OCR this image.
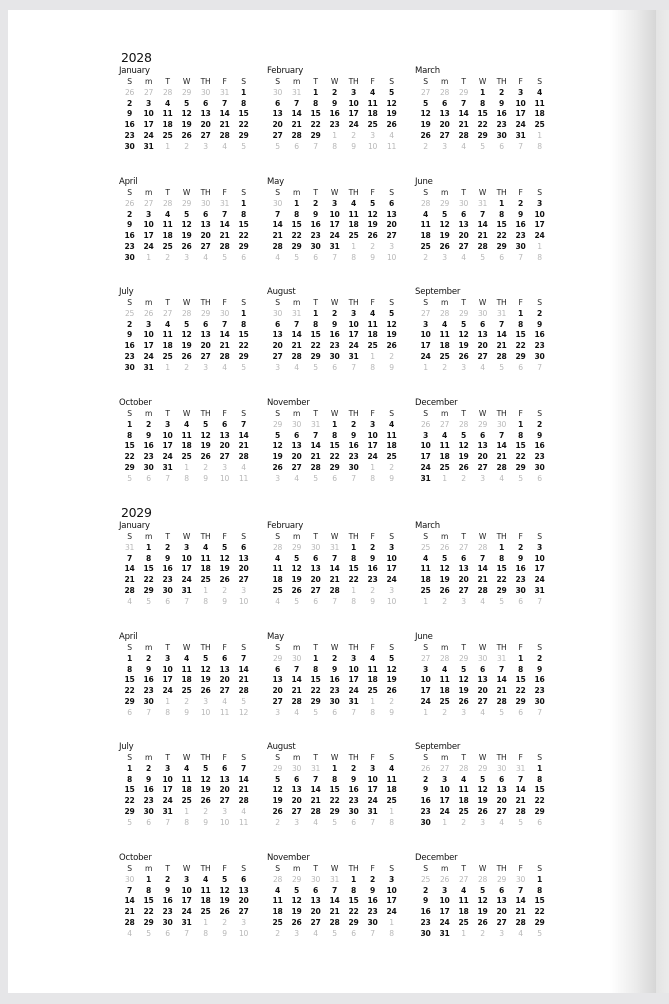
2028
January
S	m	T	W	TH	F	S
26	27	28	29	30	31	1
2	3	4	5	6	7	8
9	10	11	12	13	14	15
16	17	18	19	20	21	22
23	24	25	26	27	28	29
30	31	1	2	3	4	5
February
S	m	T	W	TH	F	S
30	31	1	2	3	4	5
6	7	8	9	10	11	12
13	14	15	16	17	18	19
20	21	22	23	24	25	26
27	28	29	1	2	3	4
5	6	7	8	9	10	11
March
S	m	T	W	TH	F	S
27	28	29	1	2	3	4
5	6	7	8	9	10	11
12	13	14	15	16	17	18
19	20	21	22	23	24	25
26	27	28	29	30	31	1
2	3	4	5	6	7	8
April
S	m	T	W	TH	F	S
26	27	28	29	30	31	1
2	3	4	5	6	7	8
9	10	11	12	13	14	15
16	17	18	19	20	21	22
23	24	25	26	27	28	29
30	1	2	3	4	5	6
May
S	m	T	W	TH	F	S
30	1	2	3	4	5	6
7	8	9	10	11	12	13
14	15	16	17	18	19	20
21	22	23	24	25	26	27
28	29	30	31	1	2	3
4	5	6	7	8	9	10
June
S	m	T	W	TH	F	S
28	29	30	31	1	2	3
4	5	6	7	8	9	10
11	12	13	14	15	16	17
18	19	20	21	22	23	24
25	26	27	28	29	30	1
2	3	4	5	6	7	8
July
S	m	T	W	TH	F	S
25	26	27	28	29	30	1
2	3	4	5	6	7	8
9	10	11	12	13	14	15
16	17	18	19	20	21	22
23	24	25	26	27	28	29
30	31	1	2	3	4	5
August
S	m	T	W	TH	F	S
30	31	1	2	3	4	5
6	7	8	9	10	11	12
13	14	15	16	17	18	19
20	21	22	23	24	25	26
27	28	29	30	31	1	2
3	4	5	6	7	8	9
September
S	m	T	W	TH	F	S
27	28	29	30	31	1	2
3	4	5	6	7	8	9
10	11	12	13	14	15	16
17	18	19	20	21	22	23
24	25	26	27	28	29	30
1	2	3	4	5	6	7
October
S	m	T	W	TH	F	S
1	2	3	4	5	6	7
8	9	10	11	12	13	14
15	16	17	18	19	20	21
22	23	24	25	26	27	28
29	30	31	1	2	3	4
5	6	7	8	9	10	11
November
S	m	T	W	TH	F	S
29	30	31	1	2	3	4
5	6	7	8	9	10	11
12	13	14	15	16	17	18
19	20	21	22	23	24	25
26	27	28	29	30	1	2
3	4	5	6	7	8	9
December
S	m	T	W	TH	F	S
26	27	28	29	30	1	2
3	4	5	6	7	8	9
10	11	12	13	14	15	16
17	18	19	20	21	22	23
24	25	26	27	28	29	30
31	1	2	3	4	5	6
2029
January
S	m	T	W	TH	F	S
31	1	2	3	4	5	6
7	8	9	10	11	12	13
14	15	16	17	18	19	20
21	22	23	24	25	26	27
28	29	30	31	1	2	3
4	5	6	7	8	9	10
February
S	m	T	W	TH	F	S
28	29	30	31	1	2	3
4	5	6	7	8	9	10
11	12	13	14	15	16	17
18	19	20	21	22	23	24
25	26	27	28	1	2	3
4	5	6	7	8	9	10
March
S	m	T	W	TH	F	S
25	26	27	28	1	2	3
4	5	6	7	8	9	10
11	12	13	14	15	16	17
18	19	20	21	22	23	24
25	26	27	28	29	30	31
1	2	3	4	5	6	7
April
S	m	T	W	TH	F	S
1	2	3	4	5	6	7
8	9	10	11	12	13	14
15	16	17	18	19	20	21
22	23	24	25	26	27	28
29	30	1	2	3	4	5
6	7	8	9	10	11	12
May
S	m	T	W	TH	F	S
29	30	1	2	3	4	5
6	7	8	9	10	11	12
13	14	15	16	17	18	19
20	21	22	23	24	25	26
27	28	29	30	31	1	2
3	4	5	6	7	8	9
June
S	m	T	W	TH	F	S
27	28	29	30	31	1	2
3	4	5	6	7	8	9
10	11	12	13	14	15	16
17	18	19	20	21	22	23
24	25	26	27	28	29	30
1	2	3	4	5	6	7
July
S	m	T	W	TH	F	S
1	2	3	4	5	6	7
8	9	10	11	12	13	14
15	16	17	18	19	20	21
22	23	24	25	26	27	28
29	30	31	1	2	3	4
5	6	7	8	9	10	11
August
S	m	T	W	TH	F	S
29	30	31	1	2	3	4
5	6	7	8	9	10	11
12	13	14	15	16	17	18
19	20	21	22	23	24	25
26	27	28	29	30	31	1
2	3	4	5	6	7	8
September
S	m	T	W	TH	F	S
26	27	28	29	30	31	1
2	3	4	5	6	7	8
9	10	11	12	13	14	15
16	17	18	19	20	21	22
23	24	25	26	27	28	29
30	1	2	3	4	5	6
October
S	m	T	W	TH	F	S
30	1	2	3	4	5	6
7	8	9	10	11	12	13
14	15	16	17	18	19	20
21	22	23	24	25	26	27
28	29	30	31	1	2	3
4	5	6	7	8	9	10
November
S	m	T	W	TH	F	S
28	29	30	31	1	2	3
4	5	6	7	8	9	10
11	12	13	14	15	16	17
18	19	20	21	22	23	24
25	26	27	28	29	30	1
2	3	4	5	6	7	8
December
S	m	T	W	TH	F	S
25	26	27	28	29	30	1
2	3	4	5	6	7	8
9	10	11	12	13	14	15
16	17	18	19	20	21	22
23	24	25	26	27	28	29
30	31	1	2	3	4	5
